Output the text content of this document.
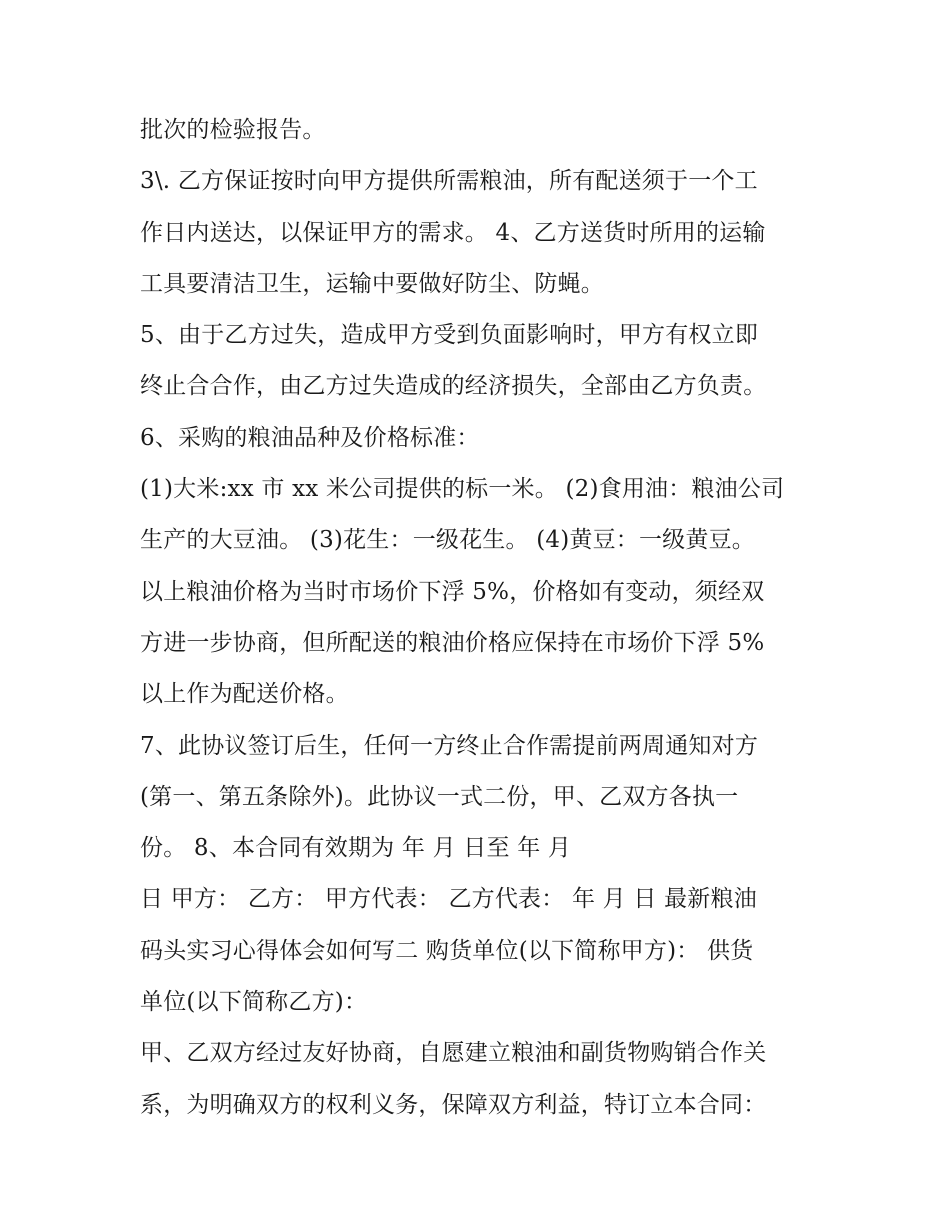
批次的检验报告。
3\. 乙方保证按时向甲方提供所需粮油，所有配送须于一个工
作日内送达，以保证甲方的需求。 4、乙方送货时所用的运输
工具要清洁卫生，运输中要做好防尘、防蝇。
5、由于乙方过失，造成甲方受到负面影响时，甲方有权立即
终止合合作，由乙方过失造成的经济损失，全部由乙方负责。
6、采购的粮油品种及价格标准：
(1)大米:xx 市 xx 米公司提供的标一米。 (2)食用油：粮油公司
生产的大豆油。 (3)花生：一级花生。 (4)黄豆：一级黄豆。
以上粮油价格为当时市场价下浮 5%，价格如有变动，须经双
方进一步协商，但所配送的粮油价格应保持在市场价下浮 5%
以上作为配送价格。
7、此协议签订后生，任何一方终止合作需提前两周通知对方
(第一、第五条除外)。此协议一式二份，甲、乙双方各执一
份。 8、本合同有效期为 年 月 日至 年 月
日 甲方： 乙方： 甲方代表： 乙方代表： 年 月 日 最新粮油
码头实习心得体会如何写二 购货单位(以下简称甲方)： 供货
单位(以下简称乙方)：
甲、乙双方经过友好协商，自愿建立粮油和副货物购销合作关
系，为明确双方的权利义务，保障双方利益，特订立本合同：
